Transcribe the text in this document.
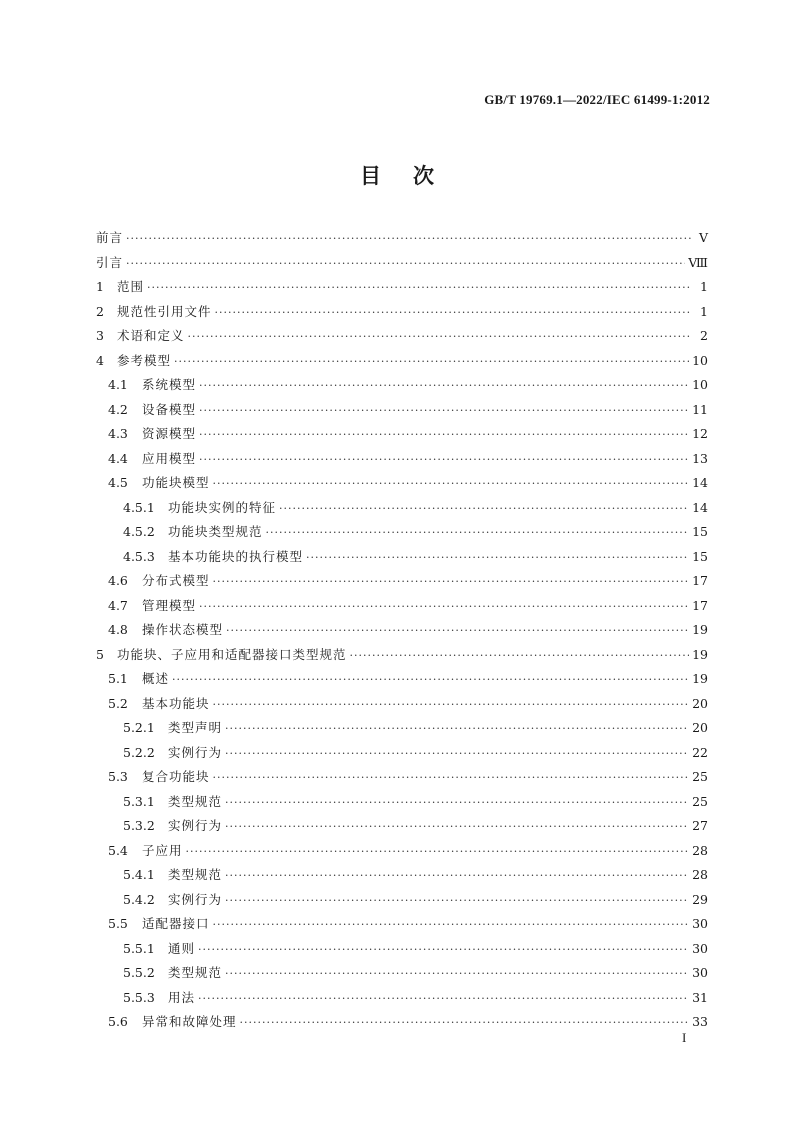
GB/T 19769.1—2022/IEC 61499-1:2012
目次
前言 ·····	Ⅴ
引言 ·····	Ⅷ
1	范围 ·····	1
2	规范性引用文件 ·····	1
3	术语和定义 ·····	2
4	参考模型 ·····	10
4.1	系统模型 ·····	10
4.2	设备模型 ·····	11
4.3	资源模型 ·····	12
4.4	应用模型 ·····	13
4.5	功能块模型 ·····	14
4.5.1	功能块实例的特征 ·····	14
4.5.2	功能块类型规范 ·····	15
4.5.3	基本功能块的执行模型 ·····	15
4.6	分布式模型 ·····	17
4.7	管理模型 ·····	17
4.8	操作状态模型 ·····	19
5	功能块、子应用和适配器接口类型规范 ·····	19
5.1	概述 ·····	19
5.2	基本功能块 ·····	20
5.2.1	类型声明 ·····	20
5.2.2	实例行为 ·····	22
5.3	复合功能块 ·····	25
5.3.1	类型规范 ·····	25
5.3.2	实例行为 ·····	27
5.4	子应用 ·····	28
5.4.1	类型规范 ·····	28
5.4.2	实例行为 ·····	29
5.5	适配器接口 ·····	30
5.5.1	通则 ·····	30
5.5.2	类型规范 ·····	30
5.5.3	用法 ·····	31
5.6	异常和故障处理 ·····	33
I
